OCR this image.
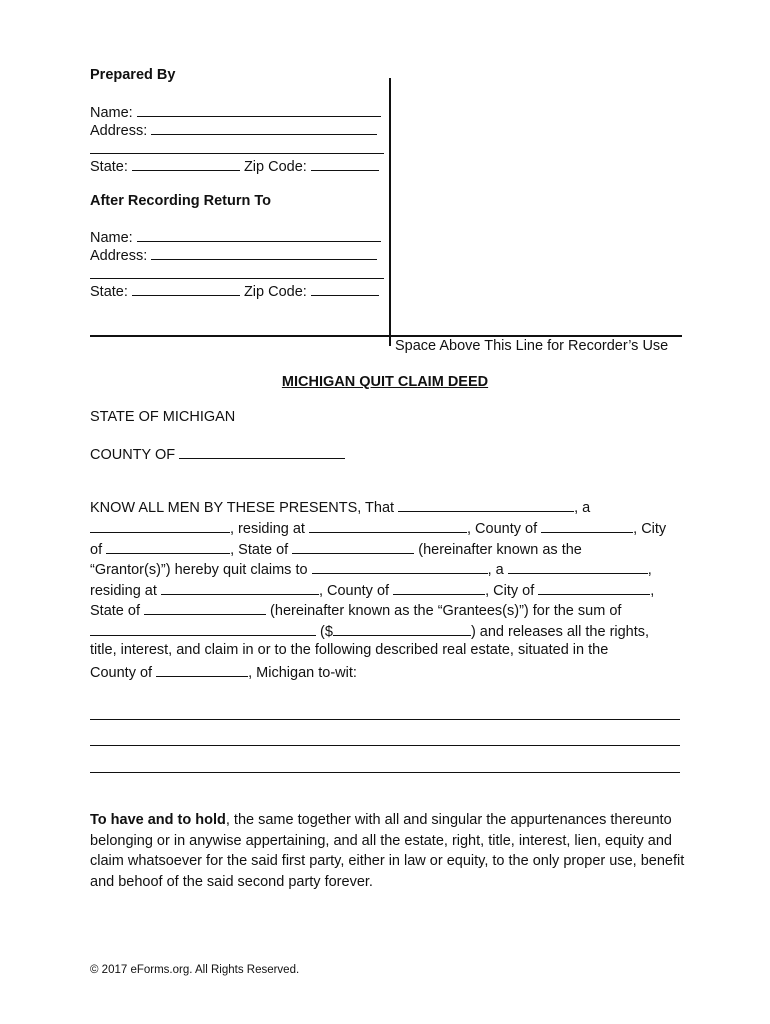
Prepared By
Name:
Address:
State:	Zip Code:
After Recording Return To
Name:
Address:
State:	Zip Code:
Space Above This Line for Recorder’s Use
MICHIGAN QUIT CLAIM DEED
STATE OF MICHIGAN
COUNTY OF
KNOW ALL MEN BY THESE PRESENTS, That	, a
, residing at	, County of	, City
of	, State of	(hereinafter known as the
“Grantor(s)”) hereby quit claims to	, a	,
residing at	, County of	, City of	,
State of	(hereinafter known as the “Grantees(s)”) for the sum of
($	) and releases all the rights,
title, interest, and claim in or to the following described real estate, situated in the
County of	, Michigan to-wit:
To have and to hold, the same together with all and singular the appurtenances thereunto belonging or in anywise appertaining, and all the estate, right, title, interest, lien, equity and claim whatsoever for the said first party, either in law or equity, to the only proper use, benefit and behoof of the said second party forever.
© 2017 eForms.org. All Rights Reserved.
